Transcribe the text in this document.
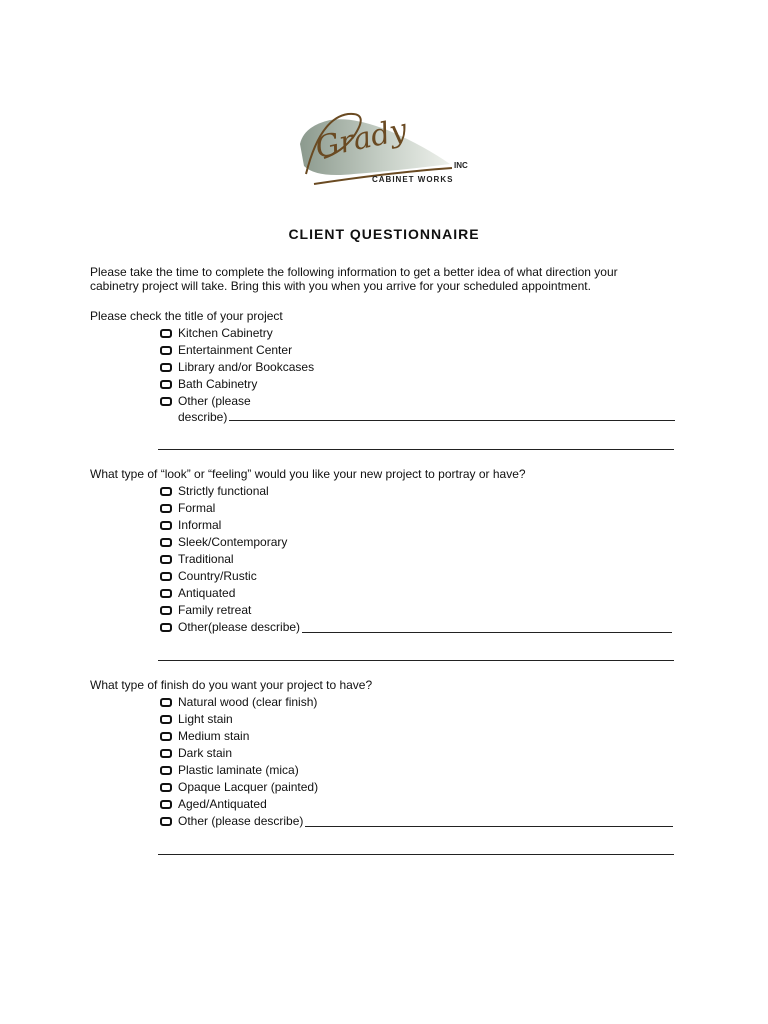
Grady	INC
CABINET WORKS
CLIENT QUESTIONNAIRE
Please take the time to complete the following information to get a better idea of what direction your
cabinetry project will take. Bring this with you when you arrive for your scheduled appointment.
Please check the title of your project
Kitchen Cabinetry
Entertainment Center
Library and/or Bookcases
Bath Cabinetry
Other (please
describe)
What type of “look” or “feeling” would you like your new project to portray or have?
Strictly functional
Formal
Informal
Sleek/Contemporary
Traditional
Country/Rustic
Antiquated
Family retreat
Other(please describe)
What type of finish do you want your project to have?
Natural wood (clear finish)
Light stain
Medium stain
Dark stain
Plastic laminate (mica)
Opaque Lacquer (painted)
Aged/Antiquated
Other (please describe)
